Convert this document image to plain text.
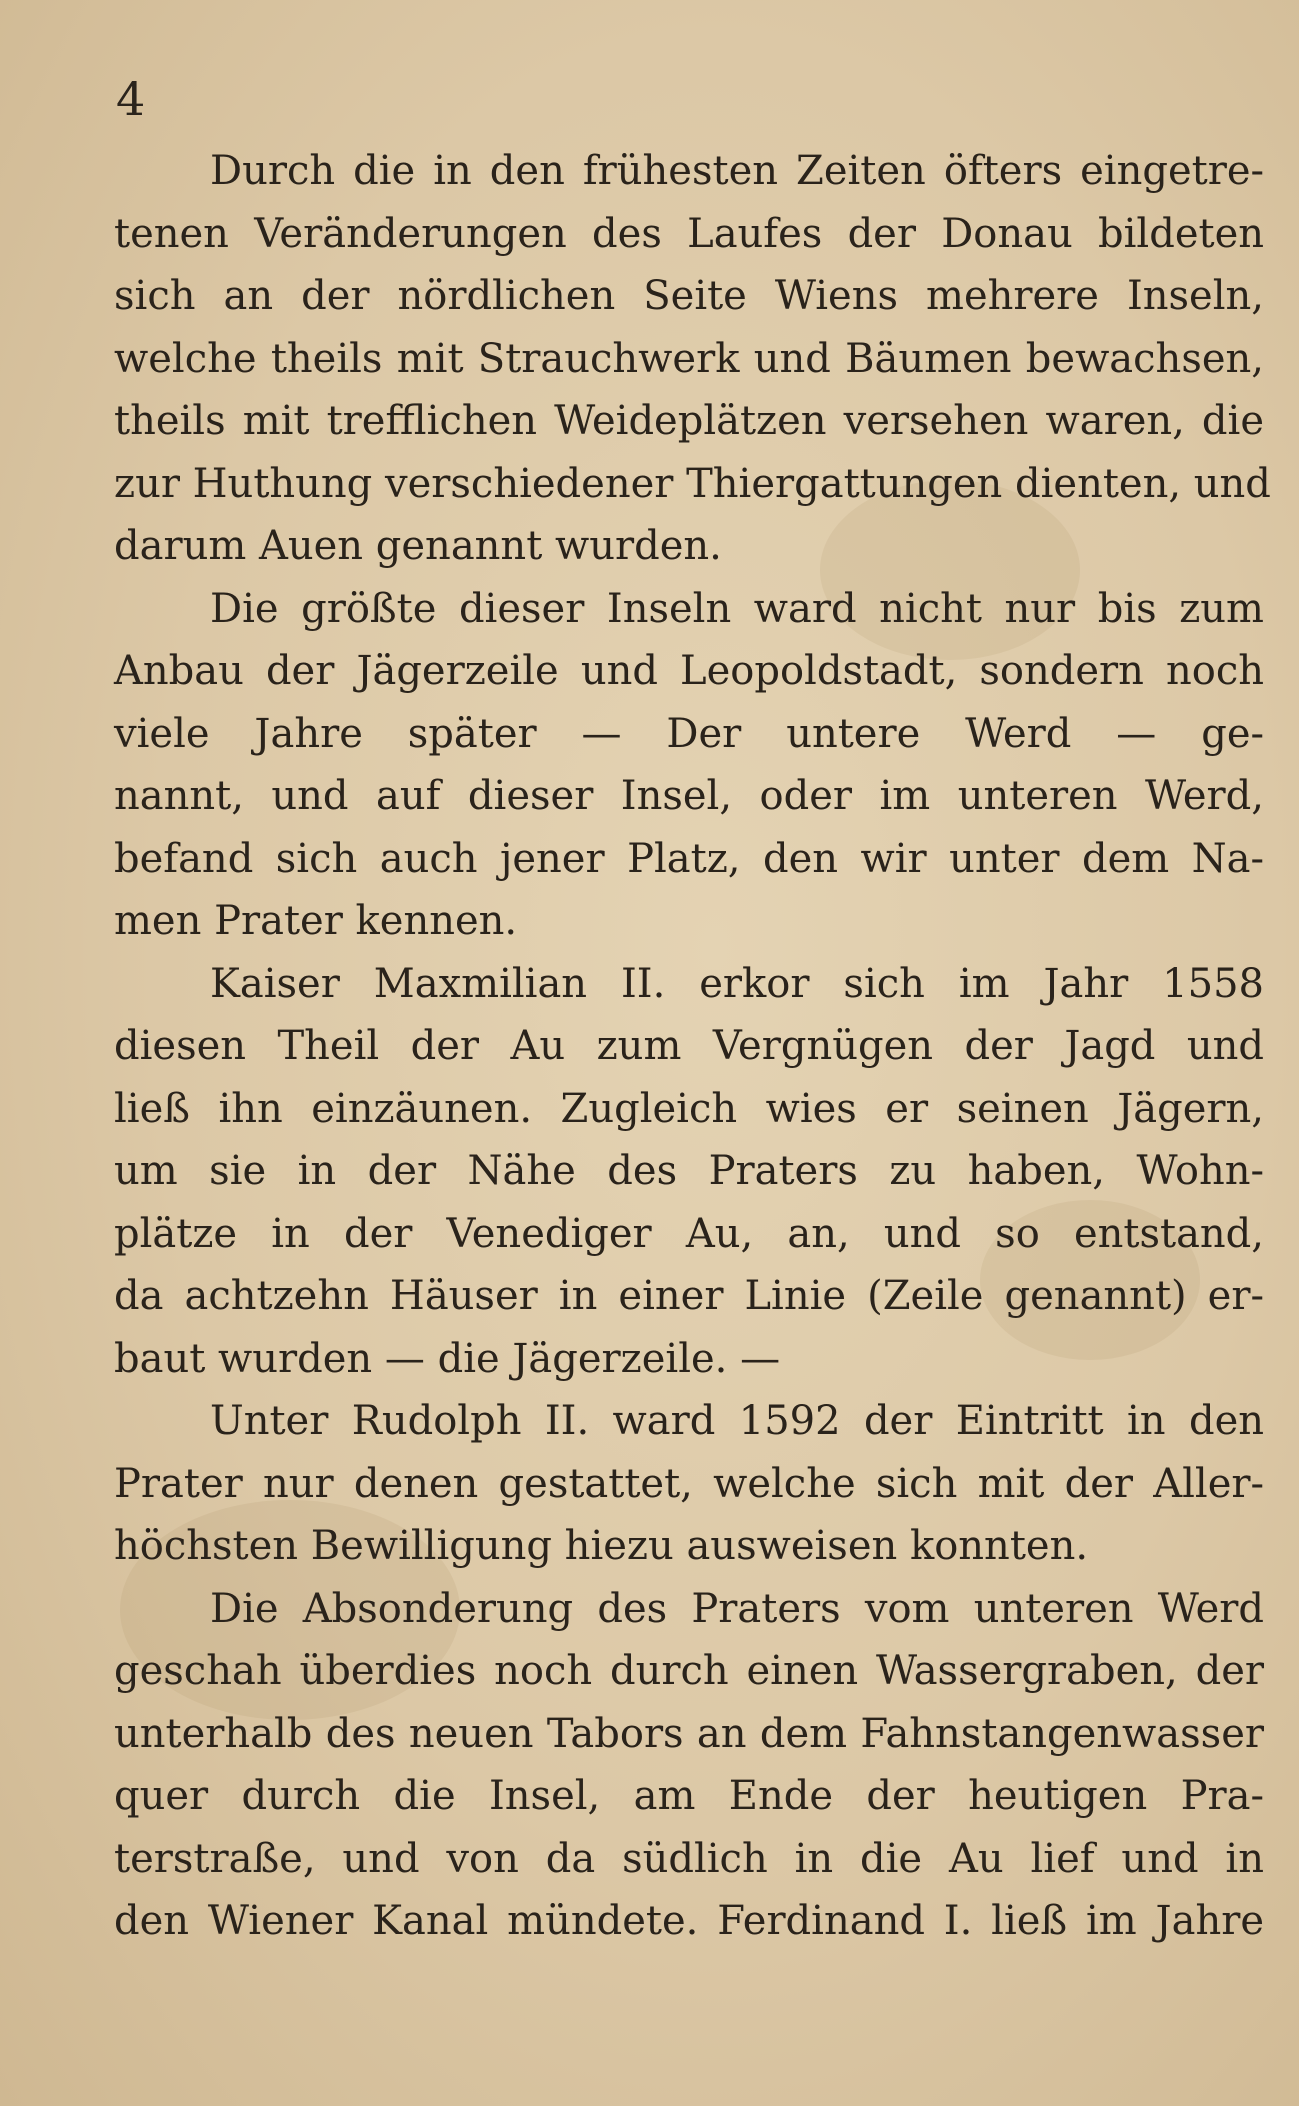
4

Durch die in den frühesten Zeiten öfters eingetre-
tenen Veränderungen des Laufes der Donau bildeten
sich an der nördlichen Seite Wiens mehrere Inseln,
welche theils mit Strauchwerk und Bäumen bewachsen,
theils mit trefflichen Weideplätzen versehen waren, die
zur Huthung verschiedener Thiergattungen dienten, und
darum Auen genannt wurden.

Die größte dieser Inseln ward nicht nur bis zum
Anbau der Jägerzeile und Leopoldstadt, sondern noch
viele Jahre später — Der untere Werd — ge-
nannt, und auf dieser Insel, oder im unteren Werd,
befand sich auch jener Platz, den wir unter dem Na-
men Prater kennen.

Kaiser Maxmilian II. erkor sich im Jahr 1558
diesen Theil der Au zum Vergnügen der Jagd und
ließ ihn einzäunen. Zugleich wies er seinen Jägern,
um sie in der Nähe des Praters zu haben, Wohn-
plätze in der Venediger Au, an, und so entstand,
da achtzehn Häuser in einer Linie (Zeile genannt) er-
baut wurden — die Jägerzeile. —

Unter Rudolph II. ward 1592 der Eintritt in den
Prater nur denen gestattet, welche sich mit der Aller-
höchsten Bewilligung hiezu ausweisen konnten.

Die Absonderung des Praters vom unteren Werd
geschah überdies noch durch einen Wassergraben, der
unterhalb des neuen Tabors an dem Fahnstangenwasser
quer durch die Insel, am Ende der heutigen Pra-
terstraße, und von da südlich in die Au lief und in
den Wiener Kanal mündete. Ferdinand I. ließ im Jahre
